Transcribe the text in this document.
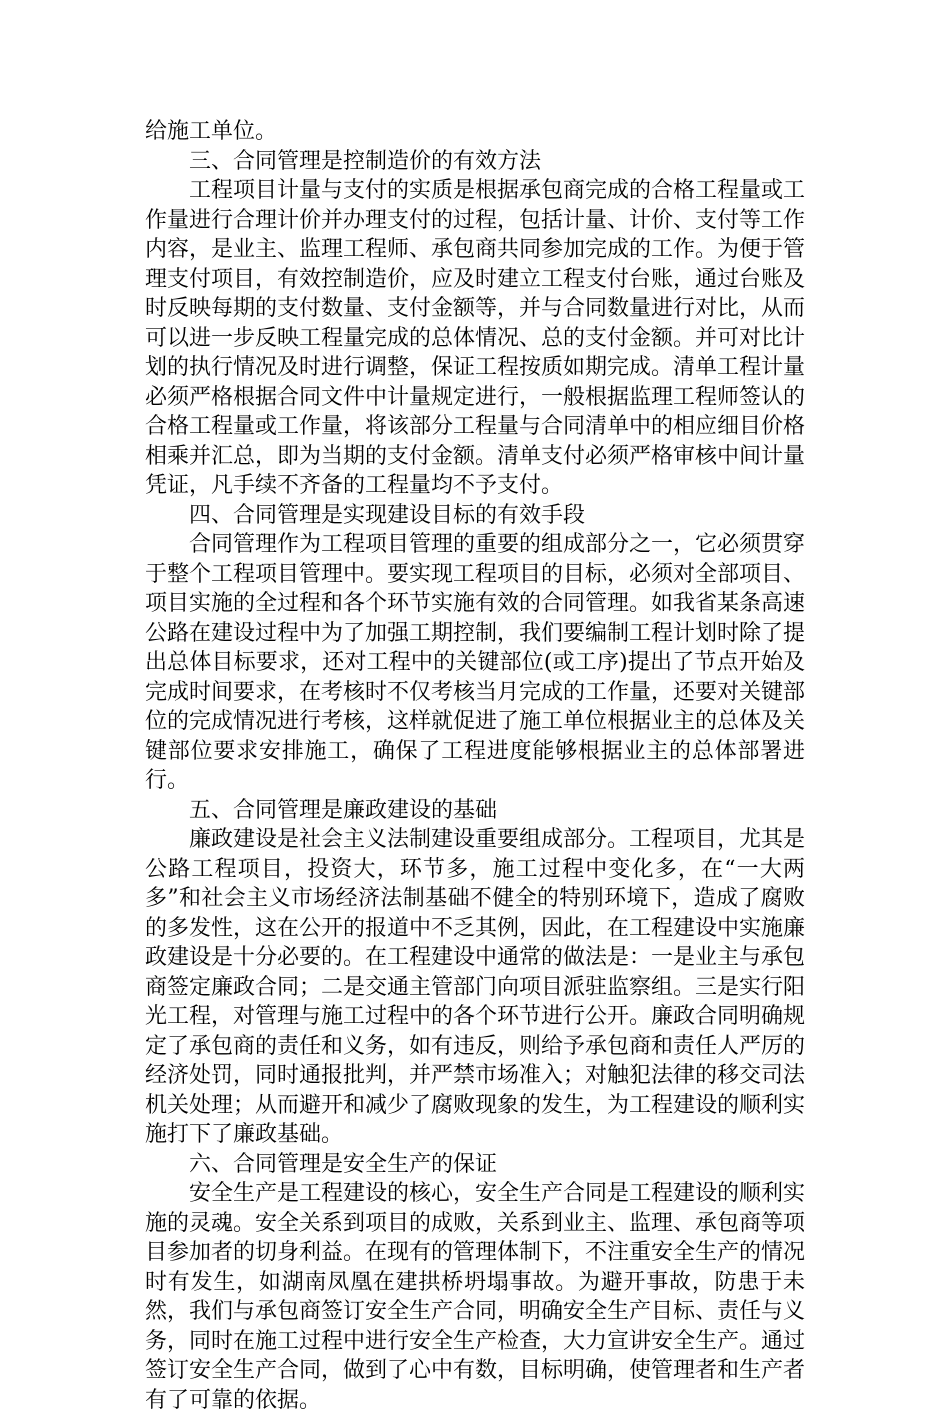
给施工单位。

三、合同管理是控制造价的有效方法

工程项目计量与支付的实质是根据承包商完成的合格工程量或工作量进行合理计价并办理支付的过程，包括计量、计价、支付等工作内容，是业主、监理工程师、承包商共同参加完成的工作。为便于管理支付项目，有效控制造价，应及时建立工程支付台账，通过台账及时反映每期的支付数量、支付金额等，并与合同数量进行对比，从而可以进一步反映工程量完成的总体情况、总的支付金额。并可对比计划的执行情况及时进行调整，保证工程按质如期完成。清单工程计量必须严格根据合同文件中计量规定进行，一般根据监理工程师签认的合格工程量或工作量，将该部分工程量与合同清单中的相应细目价格相乘并汇总，即为当期的支付金额。清单支付必须严格审核中间计量凭证，凡手续不齐备的工程量均不予支付。

四、合同管理是实现建设目标的有效手段

合同管理作为工程项目管理的重要的组成部分之一，它必须贯穿于整个工程项目管理中。要实现工程项目的目标，必须对全部项目、项目实施的全过程和各个环节实施有效的合同管理。如我省某条高速公路在建设过程中为了加强工期控制，我们要编制工程计划时除了提出总体目标要求，还对工程中的关键部位(或工序)提出了节点开始及完成时间要求，在考核时不仅考核当月完成的工作量，还要对关键部位的完成情况进行考核，这样就促进了施工单位根据业主的总体及关键部位要求安排施工，确保了工程进度能够根据业主的总体部署进行。

五、合同管理是廉政建设的基础

廉政建设是社会主义法制建设重要组成部分。工程项目，尤其是公路工程项目，投资大，环节多，施工过程中变化多，在“一大两多”和社会主义市场经济法制基础不健全的特别环境下，造成了腐败的多发性，这在公开的报道中不乏其例，因此，在工程建设中实施廉政建设是十分必要的。在工程建设中通常的做法是：一是业主与承包商签定廉政合同；二是交通主管部门向项目派驻监察组。三是实行阳光工程，对管理与施工过程中的各个环节进行公开。廉政合同明确规定了承包商的责任和义务，如有违反，则给予承包商和责任人严厉的经济处罚，同时通报批判，并严禁市场准入；对触犯法律的移交司法机关处理；从而避开和减少了腐败现象的发生，为工程建设的顺利实施打下了廉政基础。

六、合同管理是安全生产的保证

安全生产是工程建设的核心，安全生产合同是工程建设的顺利实施的灵魂。安全关系到项目的成败，关系到业主、监理、承包商等项目参加者的切身利益。在现有的管理体制下，不注重安全生产的情况时有发生，如湖南凤凰在建拱桥坍塌事故。为避开事故，防患于未然，我们与承包商签订安全生产合同，明确安全生产目标、责任与义务，同时在施工过程中进行安全生产检查，大力宣讲安全生产。通过签订安全生产合同，做到了心中有数，目标明确，使管理者和生产者有了可靠的依据。
